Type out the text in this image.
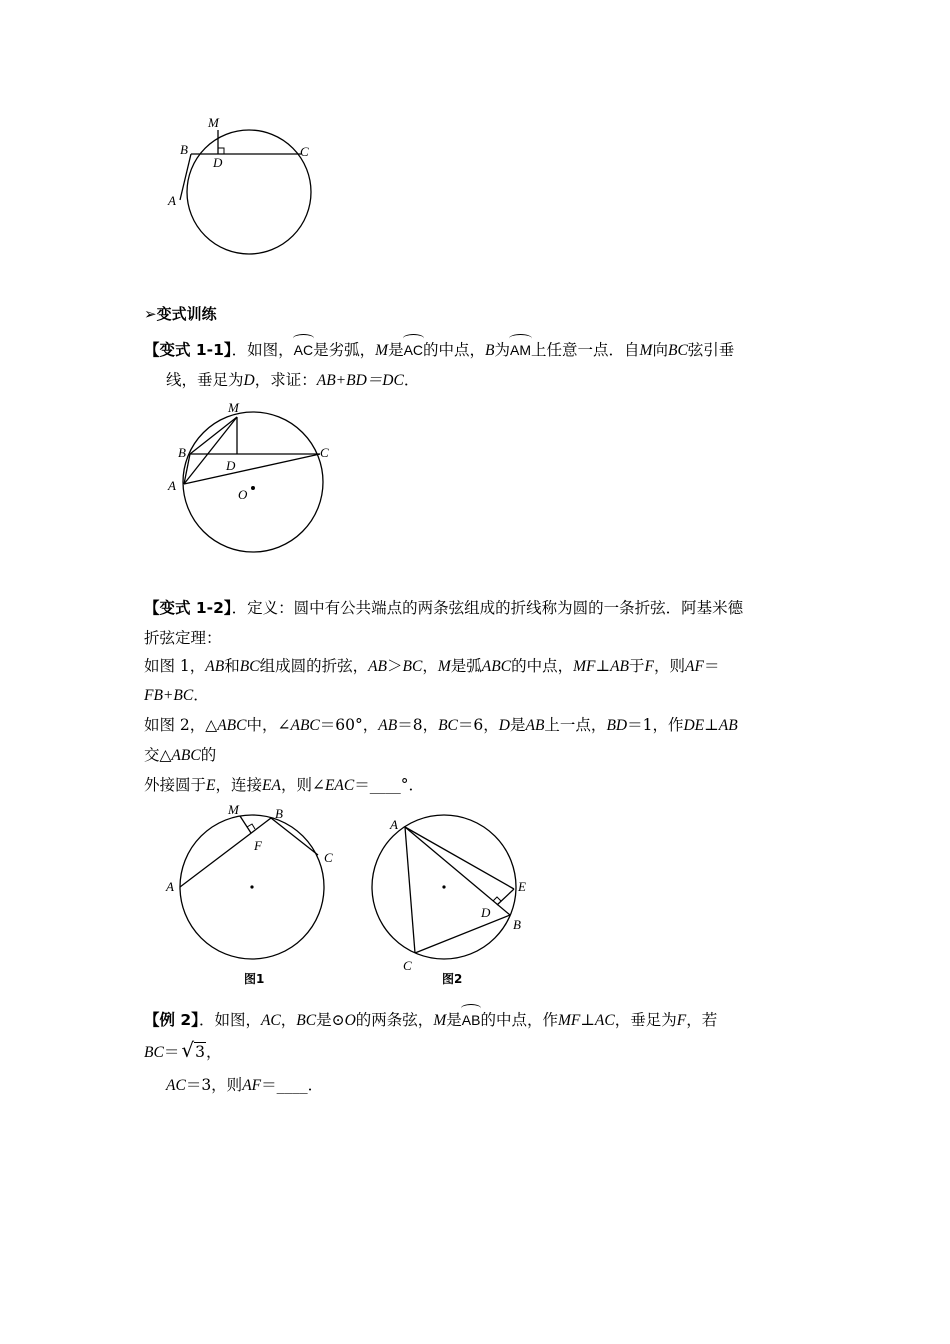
M
B
D
C
A
➢变式训练
【变式 1-1】．如图，AC是劣弧，M是AC的中点，B为AM上任意一点．自M向BC弦引垂
线，垂足为D，求证：AB+BD＝DC．
M
B
D
C
A
O
【变式 1-2】．定义：圆中有公共端点的两条弦组成的折线称为圆的一条折弦．阿基米德
折弦定理：
如图 1，AB和BC组成圆的折弦，AB＞BC，M是弧ABC的中点，MF⊥AB于F，则AF＝
FB+BC．
如图 2，△ABC中，∠ABC＝60°，AB＝8，BC＝6，D是AB上一点，BD＝1，作DE⊥AB
交△ABC的
外接圆于E，连接EA，则∠EAC＝____°．
M	B
F
C
A
图1
A
E
D
B
C
图2
【例 2】．如图，AC，BC是⊙O的两条弦，M是AB的中点，作MF⊥AC，垂足为F，若
BC＝ √3，
AC＝3，则AF＝____．
